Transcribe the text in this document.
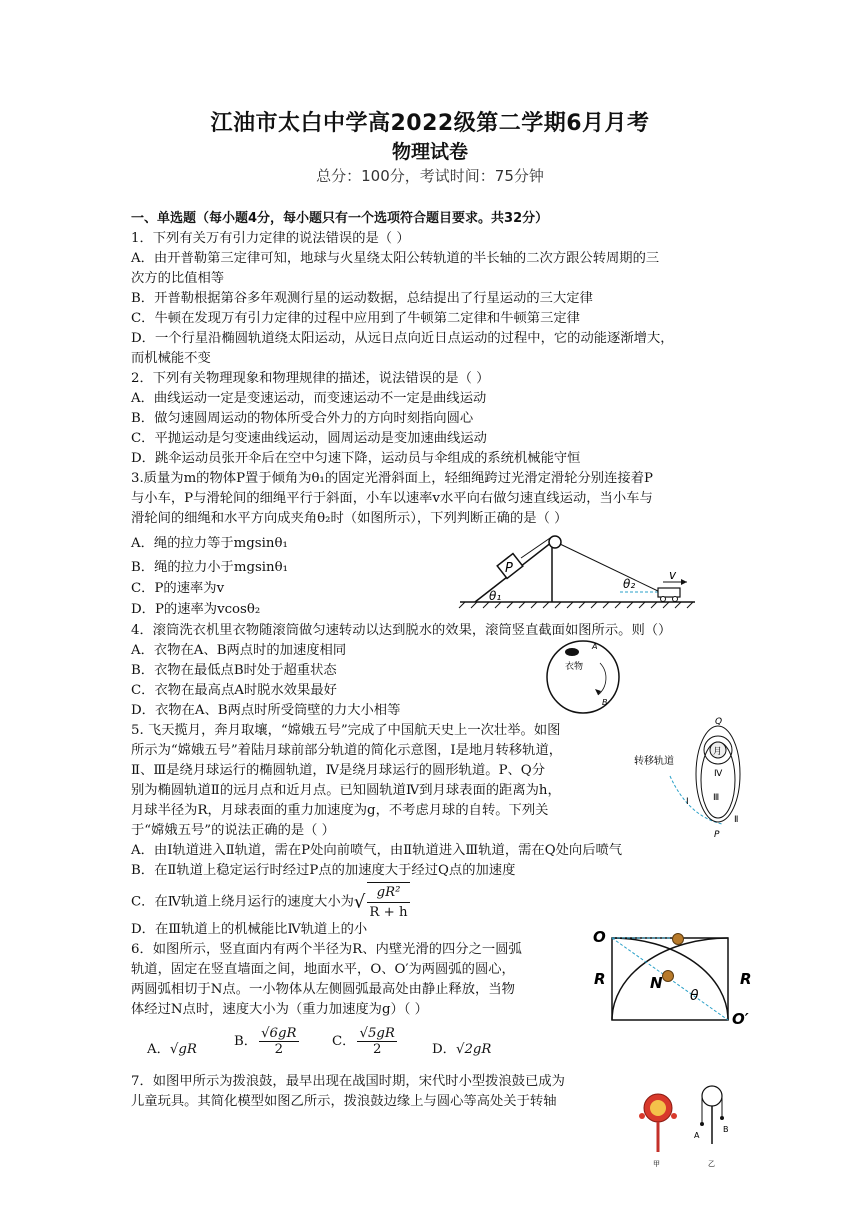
江油市太白中学高2022级第二学期6月月考
物理试卷
总分：100分，考试时间：75分钟
一、单选题（每小题4分，每小题只有一个选项符合题目要求。共32分）
1．下列有关万有引力定律的说法错误的是（ ）
A．由开普勒第三定律可知，地球与火星绕太阳公转轨道的半长轴的二次方跟公转周期的三
次方的比值相等
B．开普勒根据第谷多年观测行星的运动数据，总结提出了行星运动的三大定律
C．牛顿在发现万有引力定律的过程中应用到了牛顿第二定律和牛顿第三定律
D．一个行星沿椭圆轨道绕太阳运动，从远日点向近日点运动的过程中，它的动能逐渐增大，
而机械能不变
2．下列有关物理现象和物理规律的描述，说法错误的是（ ）
A．曲线运动一定是变速运动，而变速运动不一定是曲线运动
B．做匀速圆周运动的物体所受合外力的方向时刻指向圆心
C．平抛运动是匀变速曲线运动，圆周运动是变加速曲线运动
D．跳伞运动员张开伞后在空中匀速下降，运动员与伞组成的系统机械能守恒
3.质量为m的物体P置于倾角为θ₁的固定光滑斜面上，轻细绳跨过光滑定滑轮分别连接着P
与小车，P与滑轮间的细绳平行于斜面，小车以速率v水平向右做匀速直线运动，当小车与
滑轮间的细绳和水平方向成夹角θ₂时（如图所示），下列判断正确的是（ ）
A．绳的拉力等于mgsinθ₁
B．绳的拉力小于mgsinθ₁
C．P的速率为v
D．P的速率为vcosθ₂
P	v
θ₁
θ₂
4．滚筒洗衣机里衣物随滚筒做匀速转动以达到脱水的效果，滚筒竖直截面如图所示。则（）
A．衣物在A、B两点时的加速度相同
B．衣物在最低点B时处于超重状态
C．衣物在最高点A时脱水效果最好
D．衣物在A、B两点时所受筒壁的力大小相等
衣物
A
B
5. 飞天揽月，奔月取壤，“嫦娥五号”完成了中国航天史上一次壮举。如图
所示为“嫦娥五号”着陆月球前部分轨道的简化示意图，Ⅰ是地月转移轨道，
Ⅱ、Ⅲ是绕月球运行的椭圆轨道，Ⅳ是绕月球运行的圆形轨道。P、Q分
别为椭圆轨道Ⅱ的远月点和近月点。已知圆轨道Ⅳ到月球表面的距离为h，
月球半径为R，月球表面的重力加速度为g，不考虑月球的自转。下列关
于“嫦娥五号”的说法正确的是（ ）
A．由Ⅰ轨道进入Ⅱ轨道，需在P处向前喷气，由Ⅱ轨道进入Ⅲ轨道，需在Q处向后喷气
B．在Ⅱ轨道上稳定运行时经过P点的加速度大于经过Q点的加速度
C．在Ⅳ轨道上绕月运行的速度大小为√ $\frac{\text{gR²}}{R + h}$
D．在Ⅲ轨道上的机械能比Ⅳ轨道上的小
转移轨道
月
Q
P
Ⅰ
Ⅱ
Ⅲ
Ⅳ
6．如图所示，竖直面内有两个半径为R、内壁光滑的四分之一圆弧
轨道，固定在竖直墙面之间，地面水平，O、O′为两圆弧的圆心，
两圆弧相切于N点。一小物体从左侧圆弧最高处由静止释放，当物
体经过N点时，速度大小为（重力加速度为g）（ ）
A．√gR
B． $\frac{√6gR}{2}$	C． $\frac{√5gR}{2}$	D．√2gR
O
O′
N
R	R
θ
7．如图甲所示为拨浪鼓，最早出现在战国时期，宋代时小型拨浪鼓已成为
儿童玩具。其简化模型如图乙所示，拨浪鼓边缘上与圆心等高处关于转轴
A
B
甲	乙
